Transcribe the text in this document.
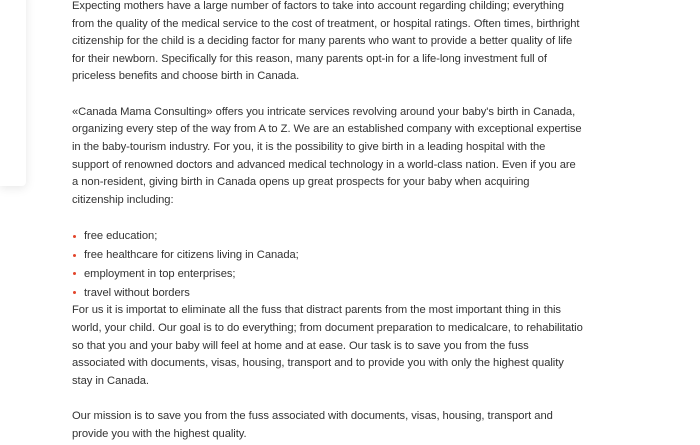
Expecting mothers have a large number of factors to take into account regarding childing; everything from the quality of the medical service to the cost of treatment, or hospital ratings. Often times, birthright citizenship for the child is a deciding factor for many parents who want to provide a better quality of life for their newborn. Specifically for this reason, many parents opt-in for a life-long investment full of priceless benefits and choose birth in Canada.

«Canada Mama Consulting» offers you intricate services revolving around your baby's birth in Canada, organizing every step of the way from A to Z. We are an established company with exceptional expertise in the baby-tourism industry. For you, it is the possibility to give birth in a leading hospital with the support of renowned doctors and advanced medical technology in a world-class nation. Even if you are a non-resident, giving birth in Canada opens up great prospects for your baby when acquiring citizenship including:

free education;
free healthcare for citizens living in Canada;
employment in top enterprises;
travel without borders

For us it is importat to eliminate all the fuss that distract parents from the most important thing in this world, your child. Our goal is to do everything; from document preparation to medicalcare, to rehabilitatio so that you and your baby will feel at home and at ease. Our task is to save you from the fuss associated with documents, visas, housing, transport and to provide you with only the highest quality stay in Canada.

Our mission is to save you from the fuss associated with documents, visas, housing, transport and provide you with the highest quality.
